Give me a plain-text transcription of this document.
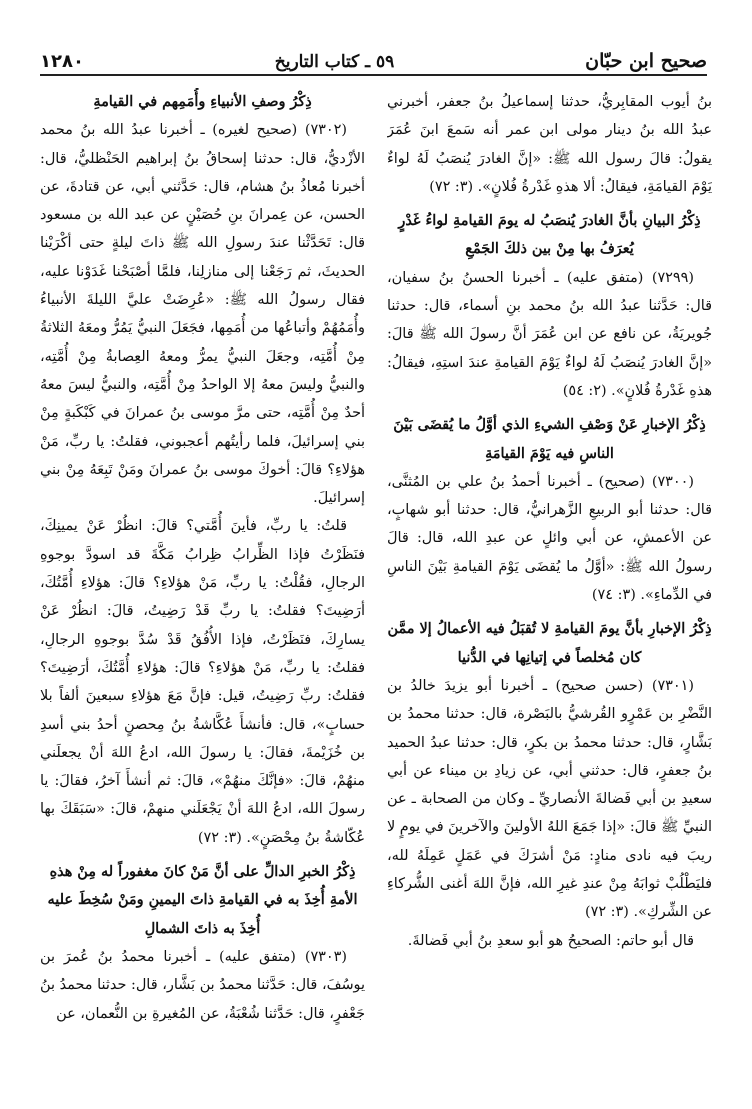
صحيح ابن حبّان
٥٩ ـ كتاب التاريخ
١٢٨٠

بنُ أيوب المقابِريُّ، حدثنا إسماعيلُ بنُ جعفر، أخبرني عبدُ الله بنُ دينار مولى ابن عمر أنه سَمعَ ابنَ عُمَرَ يقولُ: قالَ رسول الله ﷺ: «إنَّ الغادرَ يُنصَبُ لَهُ لواءٌ يَوْمَ القيامَةِ، فيقالُ: ألا هذهِ غَدْرةُ فُلانٍ». (٣: ٧٢)

ذِكْرُ البيانِ بأنَّ الغادرَ يُنصَبُ له يومَ القيامةِ لواءُ غَدْرٍ يُعرَفُ بها مِنْ بين ذلكَ الجَمْعِ

(٧٢٩٩) (متفق عليه) ـ أخبرنا الحسنُ بنُ سفيان، قال: حَدَّثنا عبدُ الله بنُ محمد بنِ أسماء، قال: حدثنا جُويريَةُ، عن نافع عن ابن عُمَرَ أنَّ رسولَ الله ﷺ قالَ: «إنَّ الغادرَ يُنصَبُ لَهُ لواءٌ يَوْمَ القيامةِ عندَ استِهِ، فيقالُ: هذهِ غَدْرةُ فُلانٍ». (٢: ٥٤)

ذِكْرُ الإخبارِ عَنْ وَصْفِ الشيءِ الذي أوَّلُ ما يُقضَى بَيْنَ الناسِ فيه يَوْمَ القيامَةِ

(٧٣٠٠) (صحيح) ـ أخبرنا أحمدُ بنُ علي بن المُثنَّى، قال: حدثنا أبو الربيعِ الزَّهرانيُّ، قال: حدثنا أبو شهابٍ، عن الأعمشِ، عن أبي وائلٍ عن عبدِ الله، قال: قالَ رسولُ الله ﷺ: «أوَّلُ ما يُقضَى يَوْمَ القيامةِ بَيْنَ الناسِ في الدِّماءِ». (٣: ٧٤)

ذِكْرُ الإخبارِ بأنَّ يومَ القيامةِ لا تُقبَلُ فيه الأعمالُ إلا ممَّن كان مُخلصاً في إتيانِها في الدُّنيا

(٧٣٠١) (حسن صحيح) ـ أخبرنا أبو يزيدَ خالدُ بن النَّضْرِ بن عَمْرٍو القُرشيُّ بالبَصْرة، قال: حدثنا محمدُ بن بَشَّارٍ، قال: حدثنا محمدُ بن بكرٍ، قال: حدثنا عبدُ الحميد بنُ جعفرٍ، قال: حدثني أبي، عن زيادِ بن ميناء عن أبي سعيدِ بن أبي فَضالةَ الأنصاريِّ ـ وكان من الصحابة ـ عن النبيِّ ﷺ قالَ: «إذا جَمَعَ اللهُ الأولينَ والآخرينَ في يومٍ لا ريبَ فيه نادى منادٍ: مَنْ أشرَكَ في عَمَلٍ عَمِلَهُ لله، فليَطْلُبْ ثوابَهُ مِنْ عندِ غيرِ الله، فإنَّ اللهَ أغنى الشُّركاءِ عن الشِّركِ». (٣: ٧٢)

قال أبو حاتم: الصحيحُ هو أبو سعدِ بنُ أبي فَضالةَ.

ذِكْرُ وصفِ الأنبياءِ وأُمَمِهم في القيامةِ

(٧٣٠٢) (صحيح لغيره) ـ أخبرنا عبدُ الله بنُ محمد الأزْديُّ، قال: حدثنا إسحاقُ بنُ إبراهيم الحَنْظليُّ، قال: أخبرنا مُعاذُ بنُ هشام، قال: حَدَّثني أبي، عن قتادةَ، عن الحسن، عن عِمرانَ بنِ حُصَيْنٍ عن عبد الله بن مسعود قال: تَحَدَّثْنا عندَ رسولِ الله ﷺ ذاتَ ليلةٍ حتى أكْرَيْنا الحديثَ، ثم رَجَعْنا إلى منازلِنا، فلمَّا أصْبَحْنا غَدَوْنا عليه، فقال رسولُ الله ﷺ: «عُرِضَتْ عليَّ الليلةَ الأنبياءُ وأُمَمُهُمْ وأتباعُها من أُمَمِها، فجَعَلَ النبيُّ يَمُرُّ ومعَهُ الثلاثةُ مِنْ أُمَّتِه، وجعَلَ النبيُّ يمرُّ ومعهُ العِصابةُ مِنْ أُمَّتِه، والنبيُّ وليسَ معهُ إلا الواحدُ مِنْ أُمَّتِه، والنبيُّ ليسَ معهُ أحدٌ مِنْ أُمَّتِه، حتى مرَّ موسى بنُ عمرانَ في كَبْكَبةٍ مِنْ بني إسرائيلَ، فلما رأيتُهم أعجبوني، فقلتُ: يا ربِّ، مَنْ هؤلاءِ؟ قالَ: أخوكَ موسى بنُ عمرانَ ومَنْ تَبِعَهُ مِنْ بني إسرائيلَ.

قلتُ: يا ربِّ، فأينَ أُمَّتي؟ قالَ: انظُرْ عَنْ يمينِكَ، فنَظَرْتُ فإذا الظِّرابُ ظِرابُ مَكَّةَ قد اسودَّ بوجوهِ الرجالِ، فقُلْتُ: يا ربِّ، مَنْ هؤلاءِ؟ قالَ: هؤلاءِ أُمَّتُكَ، أرَضِيتَ؟ فقلتُ: يا ربِّ قَدْ رَضِيتُ، قالَ: انظُرْ عَنْ يسارِكَ، فنَظَرْتُ، فإذا الأُفُقُ قَدْ سُدَّ بوجوهِ الرجالِ، فقلتُ: يا ربِّ، مَنْ هؤلاءِ؟ قالَ: هؤلاءِ أُمَّتُكَ، أرَضِيتَ؟ فقلتُ: ربِّ رَضِيتُ، قيل: فإنَّ مَعَ هؤلاءِ سبعينَ ألفاً بلا حسابٍ»، قال: فأنشأَ عُكَّاشةُ بنُ مِحصنٍ أحدُ بني أسدِ بن خُزَيْمةَ، فقالَ: يا رسولَ الله، ادعُ اللهَ أنْ يجعلَني منهُمْ، قالَ: «فإنَّكَ منهُمْ»، قالَ: ثم أنشأَ آخرُ، فقالَ: يا رسولَ الله، ادعُ اللهَ أنْ يَجْعَلَني منهمْ، قالَ: «سَبَقَكَ بها عُكّاشةُ بنُ مِحْصَنٍ». (٣: ٧٢)

ذِكْرُ الخبرِ الدالِّ على أنَّ مَنْ كانَ مغفوراً له مِنْ هذهِ الأمةِ أُخِذَ به في القيامةِ ذاتَ اليمينِ ومَنْ سُخِطَ عليه أُخِذَ به ذاتَ الشمالِ

(٧٣٠٣) (متفق عليه) ـ أخبرنا محمدُ بنُ عُمرَ بن يوسُفَ، قال: حَدَّثنا محمدُ بن بَشَّار، قال: حدثنا محمدُ بنُ جَعْفرٍ، قال: حَدَّثنا شُعْبَةُ، عن المُغيرةِ بن النُّعمان، عن
